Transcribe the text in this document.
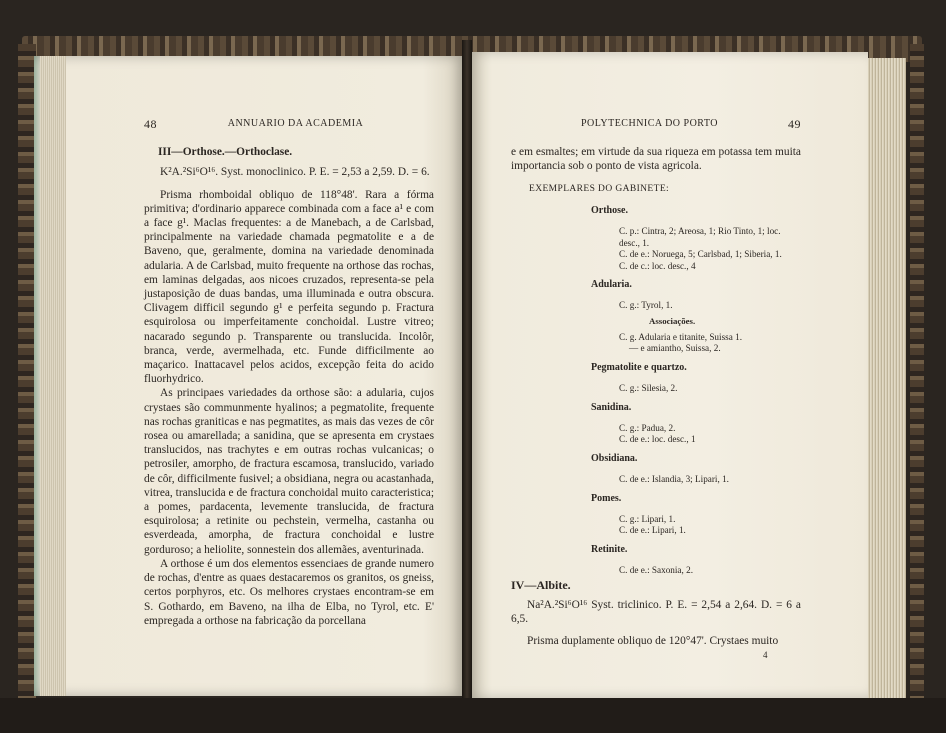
48	ANNUARIO DA ACADEMIA
III—Orthose.—Orthoclase.

K²A.²Si⁶O¹⁶. Syst. monoclinico. P. E. = 2,53 a 2,59. D. = 6.

Prisma rhomboidal obliquo de 118°48'. Rara a fórma primitiva; d'ordinario apparece combinada com a face a¹ e com a face g¹. Maclas frequentes: a de Manebach, a de Carlsbad, principalmente na variedade chamada pegmatolite e a de Baveno, que, geralmente, domina na variedade denominada adularia. A de Carlsbad, muito frequente na orthose das rochas, em laminas delgadas, aos nicoes cruzados, representa-se pela justaposição de duas bandas, uma illuminada e outra obscura. Clivagem difficil segundo g¹ e perfeita segundo p. Fractura esquirolosa ou imperfeitamente conchoidal. Lustre vitreo; nacarado segundo p. Transparente ou translucida. Incolôr, branca, verde, avermelhada, etc. Funde difficilmente ao maçarico. Inattacavel pelos acidos, excepção feita do acido fluorhydrico.

As principaes variedades da orthose são: a adularia, cujos crystaes são communmente hyalinos; a pegmatolite, frequente nas rochas graniticas e nas pegmatites, as mais das vezes de côr rosea ou amarellada; a sanidina, que se apresenta em crystaes translucidos, nas trachytes e em outras rochas vulcanicas; o petrosiler, amorpho, de fractura escamosa, translucido, variado de côr, difficilmente fusivel; a obsidiana, negra ou acastanhada, vitrea, translucida e de fractura conchoidal muito caracteristica; a pomes, pardacenta, levemente translucida, de fractura esquirolosa; a retinite ou pechstein, vermelha, castanha ou esverdeada, amorpha, de fractura conchoidal e lustre gorduroso; a heliolite, sonnestein dos allemães, aventurinada.

A orthose é um dos elementos essenciaes de grande numero de rochas, d'entre as quaes destacaremos os granitos, os gneiss, certos porphyros, etc. Os melhores crystaes encontram-se em S. Gothardo, em Baveno, na ilha de Elba, no Tyrol, etc. E' empregada a orthose na fabricação da porcellana

POLYTECHNICA DO PORTO	49

e em esmaltes; em virtude da sua riqueza em potassa tem muita importancia sob o ponto de vista agricola.

EXEMPLARES DO GABINETE:
Orthose.
C. p.: Cintra, 2; Areosa, 1; Rio Tinto, 1; loc. desc., 1.
C. de e.: Noruega, 5; Carlsbad, 1; Siberia, 1.
C. de c.: loc. desc., 4
Adularia.
C. g.: Tyrol, 1.
Associações.
C. g. Adularia e titanite, Suissa 1.
— e amiantho, Suissa, 2.
Pegmatolite e quartzo.
C. g.: Silesia, 2.
Sanidina.
C. g.: Padua, 2.
C. de e.: loc. desc., 1
Obsidiana.
C. de e.: Islandia, 3; Lipari, 1.
Pomes.
C. g.: Lipari, 1.
C. de e.: Lipari, 1.
Retinite.
C. de e.: Saxonia, 2.
IV—Albite.

Na²A.²Si⁶O¹⁶ Syst. triclinico. P. E. = 2,54 a 2,64. D. = 6 a 6,5.

Prisma duplamente obliquo de 120°47'. Crystaes muito

4
